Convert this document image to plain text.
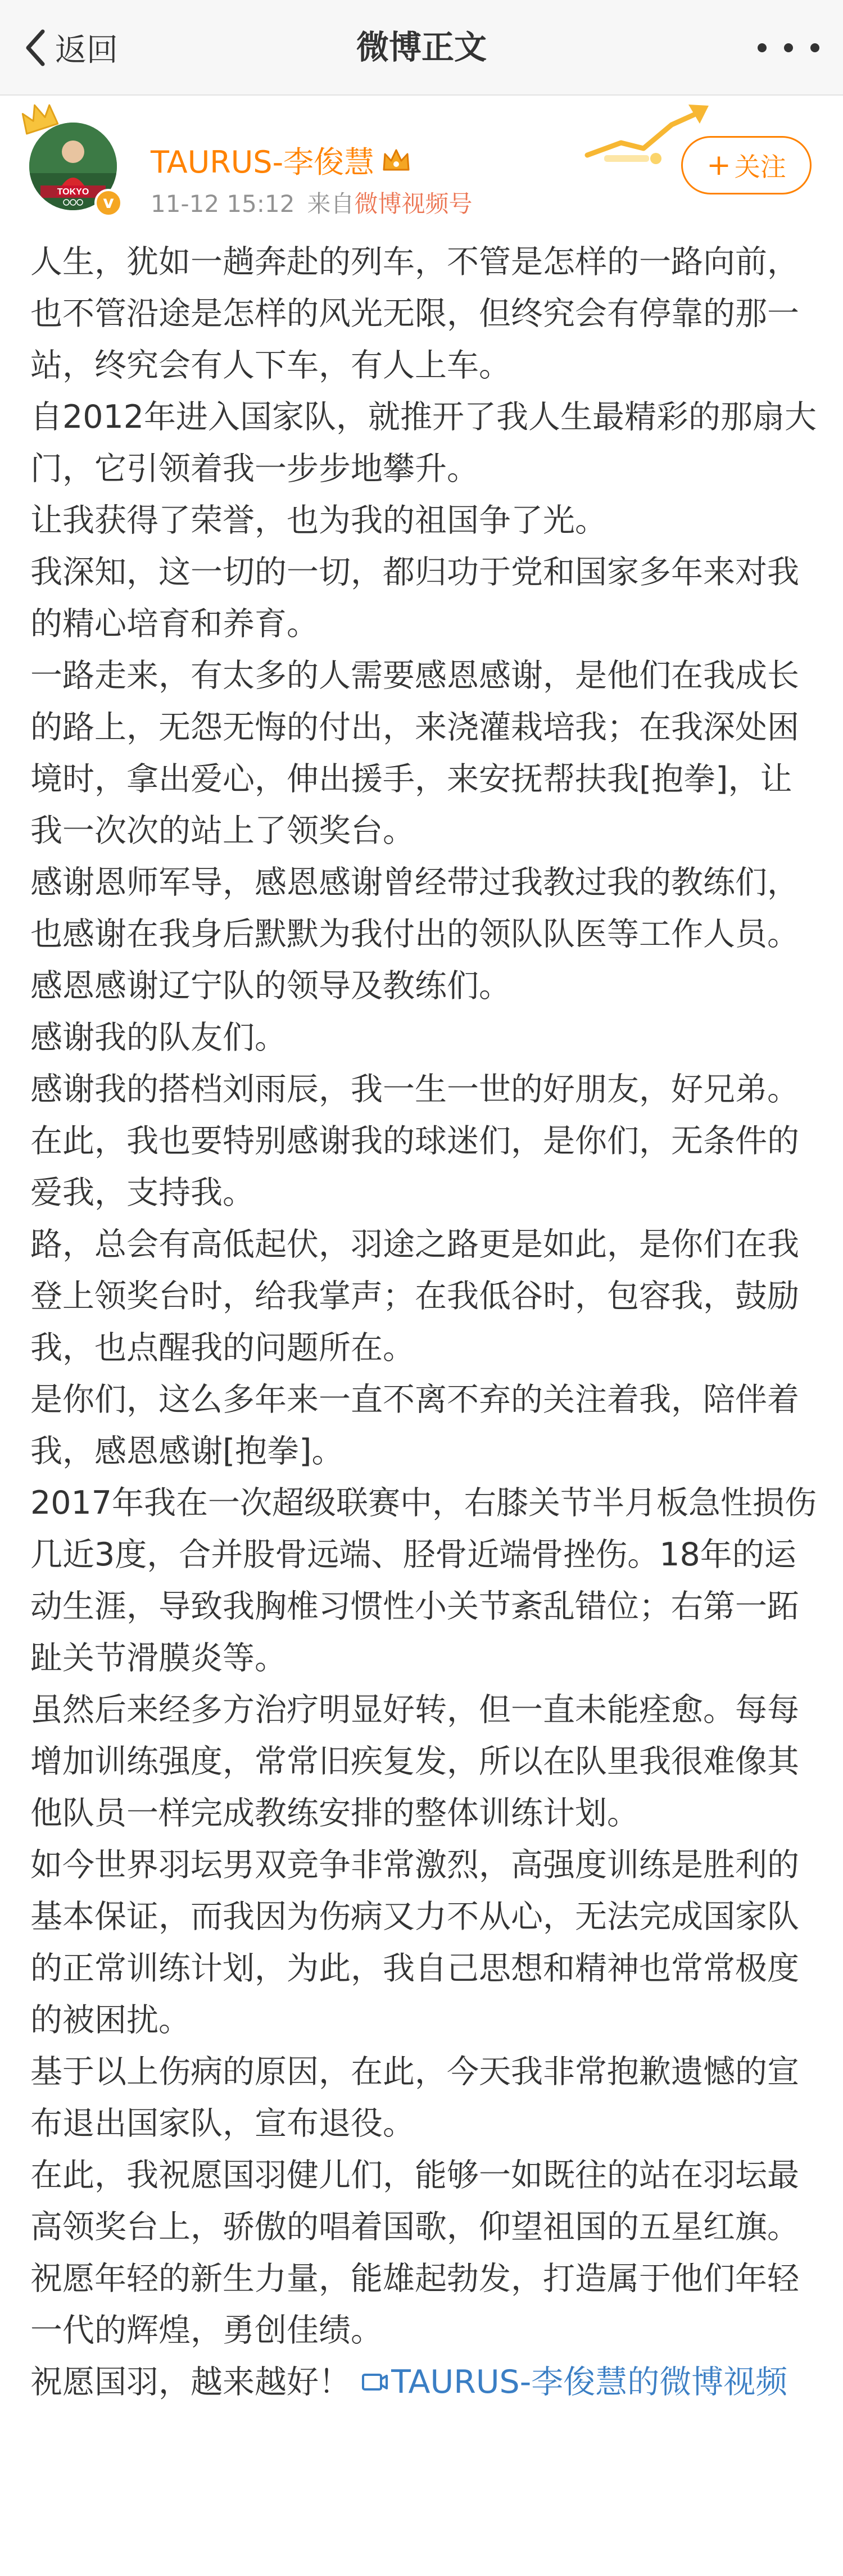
返回	微博正文
TOKYO
v
TAURUS-李俊慧
11-12 15:12 来自微博视频号
+ 关注

人生，犹如一趟奔赴的列车，不管是怎样的一路向前，也不管沿途是怎样的风光无限，但终究会有停靠的那一站，终究会有人下车，有人上车。

自2012年进入国家队，就推开了我人生最精彩的那扇大门，它引领着我一步步地攀升。

让我获得了荣誉，也为我的祖国争了光。

我深知，这一切的一切，都归功于党和国家多年来对我的精心培育和养育。

一路走来，有太多的人需要感恩感谢，是他们在我成长的路上，无怨无悔的付出，来浇灌栽培我；在我深处困境时，拿出爱心，伸出援手，来安抚帮扶我[抱拳]，让我一次次的站上了领奖台。

感谢恩师军导，感恩感谢曾经带过我教过我的教练们，也感谢在我身后默默为我付出的领队队医等工作人员。

感恩感谢辽宁队的领导及教练们。

感谢我的队友们。

感谢我的搭档刘雨辰，我一生一世的好朋友，好兄弟。

在此，我也要特别感谢我的球迷们，是你们，无条件的爱我，支持我。

路，总会有高低起伏，羽途之路更是如此，是你们在我登上领奖台时，给我掌声；在我低谷时，包容我，鼓励我，也点醒我的问题所在。

是你们，这么多年来一直不离不弃的关注着我，陪伴着我，感恩感谢[抱拳]。

2017年我在一次超级联赛中，右膝关节半月板急性损伤几近3度，合并股骨远端、胫骨近端骨挫伤。18年的运动生涯，导致我胸椎习惯性小关节紊乱错位；右第一跖趾关节滑膜炎等。

虽然后来经多方治疗明显好转，但一直未能痊愈。每每增加训练强度，常常旧疾复发，所以在队里我很难像其他队员一样完成教练安排的整体训练计划。

如今世界羽坛男双竞争非常激烈，高强度训练是胜利的基本保证，而我因为伤病又力不从心，无法完成国家队的正常训练计划，为此，我自己思想和精神也常常极度的被困扰。

基于以上伤病的原因，在此，今天我非常抱歉遗憾的宣布退出国家队，宣布退役。

在此，我祝愿国羽健儿们，能够一如既往的站在羽坛最高领奖台上，骄傲的唱着国歌，仰望祖国的五星红旗。

祝愿年轻的新生力量，能雄起勃发，打造属于他们年轻一代的辉煌，勇创佳绩。

祝愿国羽，越来越好！ TAURUS-李俊慧的微博视频
